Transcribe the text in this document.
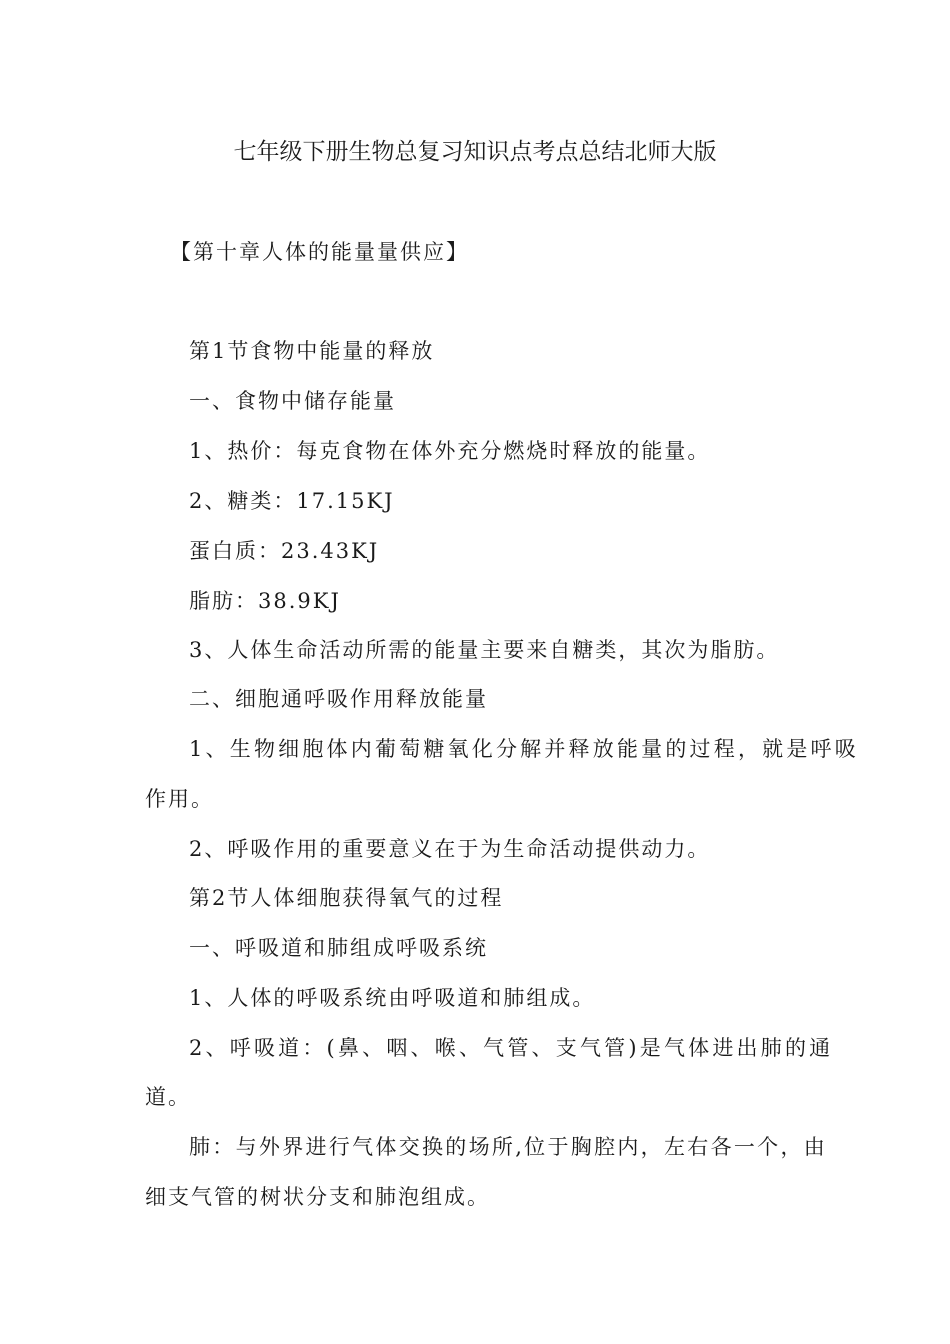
七年级下册生物总复习知识点考点总结北师大版
【第十章人体的能量量供应】
第1节食物中能量的释放
一、食物中储存能量
1、热价：每克食物在体外充分燃烧时释放的能量。
2、糖类：17.15KJ
蛋白质：23.43KJ
脂肪：38.9KJ
3、人体生命活动所需的能量主要来自糖类，其次为脂肪。
二、细胞通呼吸作用释放能量
1、生物细胞体内葡萄糖氧化分解并释放能量的过程，就是呼吸
作用。
2、呼吸作用的重要意义在于为生命活动提供动力。
第2节人体细胞获得氧气的过程
一、呼吸道和肺组成呼吸系统
1、人体的呼吸系统由呼吸道和肺组成。
2、呼吸道：(鼻、咽、喉、气管、支气管)是气体进出肺的通
道。
肺：与外界进行气体交换的场所,位于胸腔内，左右各一个，由
细支气管的树状分支和肺泡组成。
